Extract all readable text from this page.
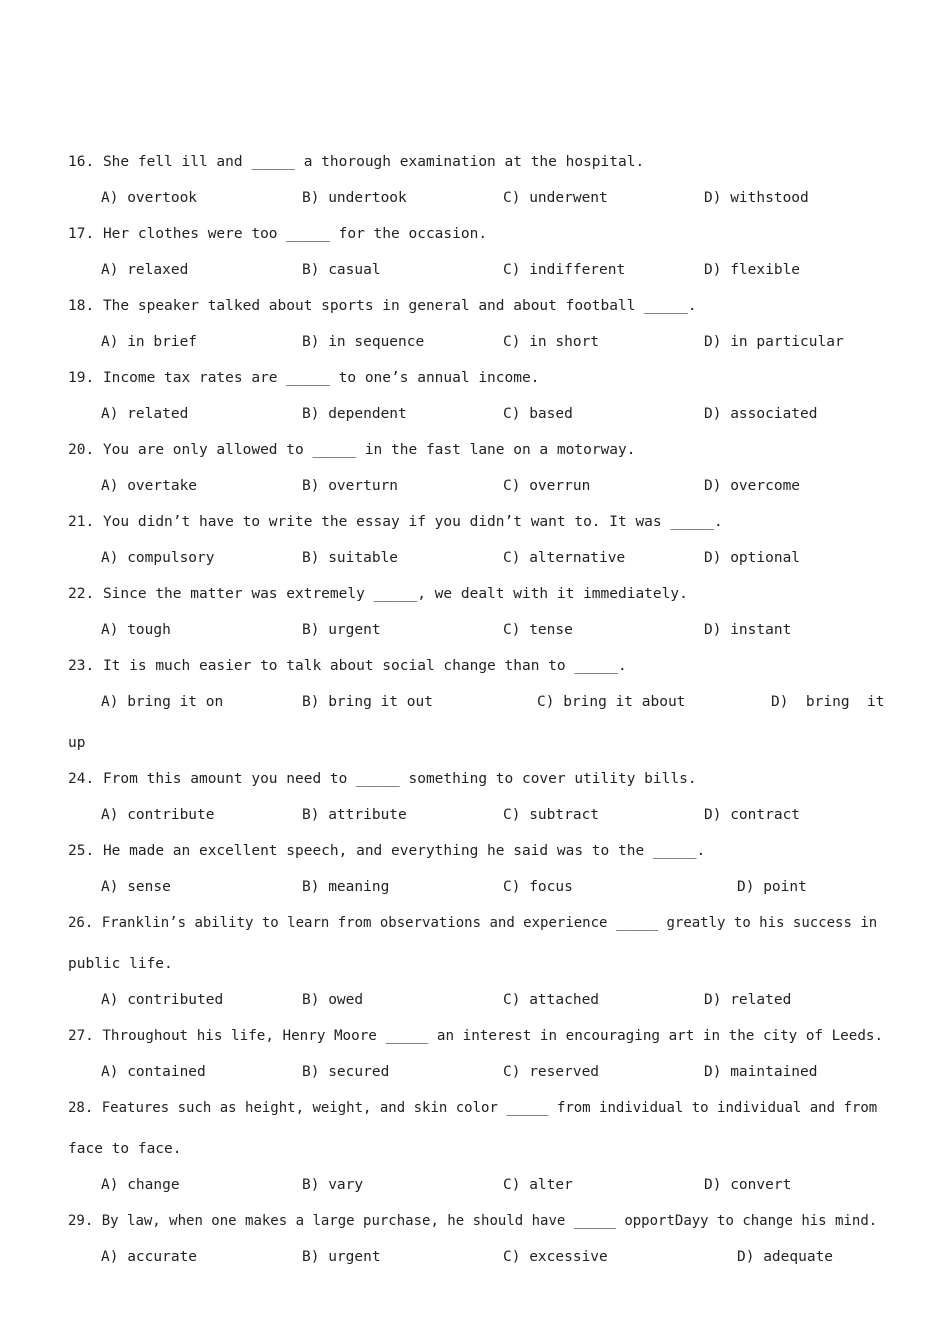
16. She fell ill and _____ a thorough examination at the hospital.
A) overtook	B) undertook	C) underwent	D) withstood
17. Her clothes were too _____ for the occasion.
A) relaxed	B) casual	C) indifferent	D) flexible
18. The speaker talked about sports in general and about football _____.
A) in brief	B) in sequence	C) in short	D) in particular
19. Income tax rates are _____ to one’s annual income.
A) related	B) dependent	C) based	D) associated
20. You are only allowed to _____ in the fast lane on a motorway.
A) overtake	B) overturn	C) overrun	D) overcome
21. You didn’t have to write the essay if you didn’t want to. It was _____.
A) compulsory	B) suitable	C) alternative	D) optional
22. Since the matter was extremely _____, we dealt with it immediately.
A) tough	B) urgent	C) tense	D) instant
23. It is much easier to talk about social change than to _____.
A) bring it on	B) bring it out	C) bring it about	D)  bring  it
up
24. From this amount you need to _____ something to cover utility bills.
A) contribute	B) attribute	C) subtract	D) contract
25. He made an excellent speech, and everything he said was to the _____.
A) sense	B) meaning	C) focus	D) point
26. Franklin’s ability to learn from observations and experience _____ greatly to his success in
public life.
A) contributed	B) owed	C) attached	D) related
27. Throughout his life, Henry Moore _____ an interest in encouraging art in the city of Leeds.
A) contained	B) secured	C) reserved	D) maintained
28. Features such as height, weight, and skin color _____ from individual to individual and from
face to face.
A) change	B) vary	C) alter	D) convert
29. By law, when one makes a large purchase, he should have _____ opportDayy to change his mind.
A) accurate	B) urgent	C) excessive	D) adequate
